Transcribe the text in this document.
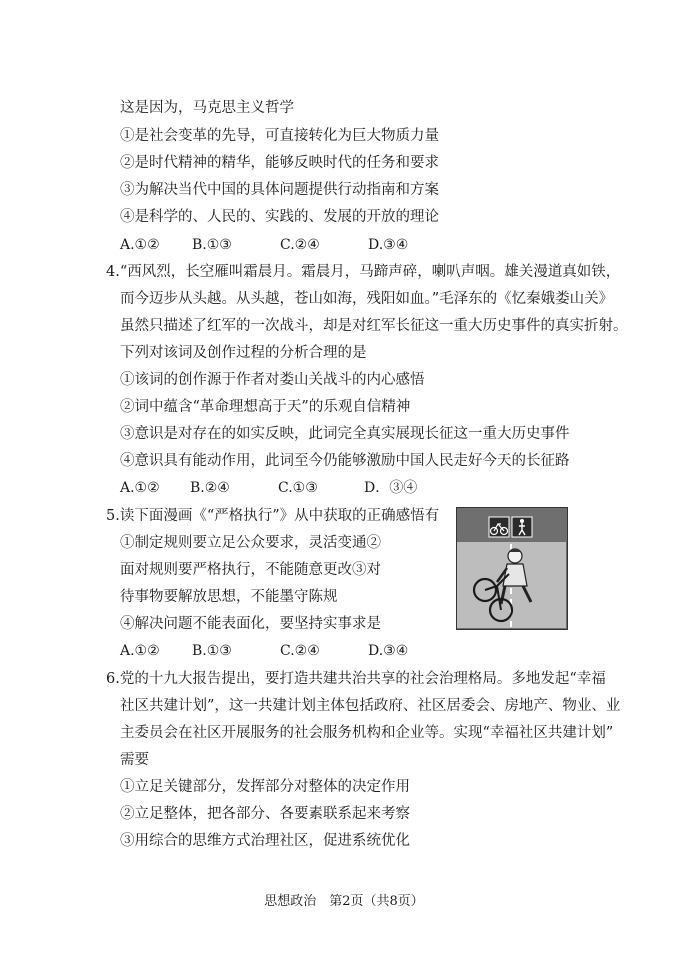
这是因为，马克思主义哲学
①是社会变革的先导，可直接转化为巨大物质力量
②是时代精神的精华，能够反映时代的任务和要求
③为解决当代中国的具体问题提供行动指南和方案
④是科学的、人民的、实践的、发展的开放的理论
A.①② B.①③	C.②④	D.③④
4.“西风烈，长空雁叫霜晨月。霜晨月，马蹄声碎，喇叭声咽。雄关漫道真如铁，
而今迈步从头越。从头越，苍山如海，残阳如血。”毛泽东的《忆秦娥娄山关》
虽然只描述了红军的一次战斗，却是对红军长征这一重大历史事件的真实折射。
下列对该词及创作过程的分析合理的是
①该词的创作源于作者对娄山关战斗的内心感悟
②词中蕴含“革命理想高于天”的乐观自信精神
③意识是对存在的如实反映，此词完全真实展现长征这一重大历史事件
④意识具有能动作用，此词至今仍能够激励中国人民走好今天的长征路
A.①② B.②④	C.①③	D．③④
5.读下面漫画《“严格执行”》从中获取的正确感悟有
①制定规则要立足公众要求，灵活变通②
面对规则要严格执行，不能随意更改③对
待事物要解放思想，不能墨守陈规
④解决问题不能表面化，要坚持实事求是
A.①② B.①③	C.②④	D.③④
6.党的十九大报告提出，要打造共建共治共享的社会治理格局。多地发起“幸福
社区共建计划”，这一共建计划主体包括政府、社区居委会、房地产、物业、业
主委员会在社区开展服务的社会服务机构和企业等。实现“幸福社区共建计划”
需要
①立足关键部分，发挥部分对整体的决定作用
②立足整体，把各部分、各要素联系起来考察
③用综合的思维方式治理社区，促进系统优化
思想政治　第2页（共8页）
